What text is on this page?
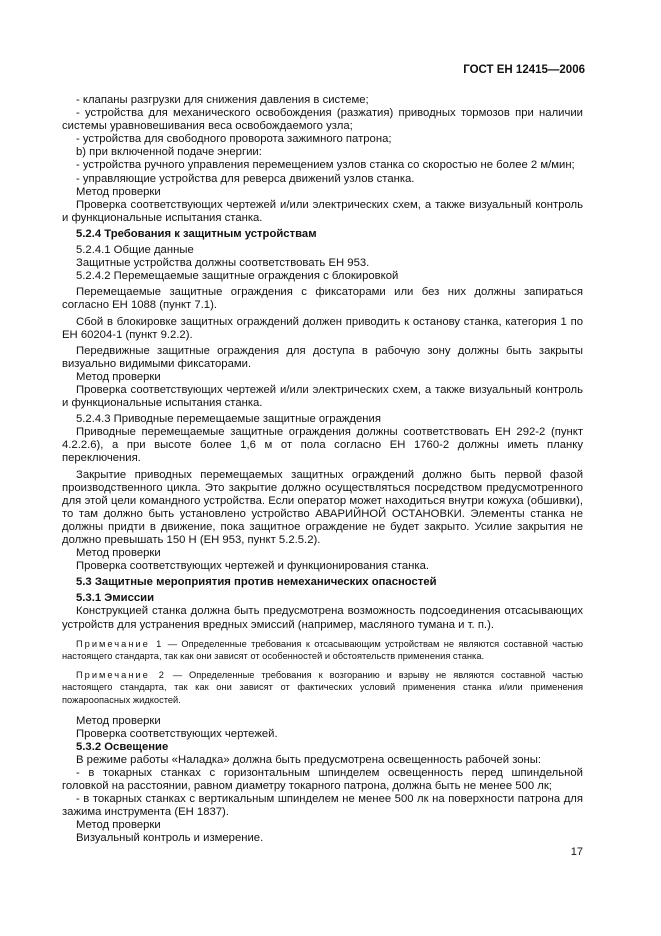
ГОСТ ЕН 12415—2006

- клапаны разгрузки для снижения давления в системе;

- устройства для механического освобождения (разжатия) приводных тормозов при наличии системы уравновешивания веса освобождаемого узла;

- устройства для свободного проворота зажимного патрона;

b) при включенной подаче энергии:

- устройства ручного управления перемещением узлов станка со скоростью не более 2 м/мин;

- управляющие устройства для реверса движений узлов станка.

Метод проверки

Проверка соответствующих чертежей и/или электрических схем, а также визуальный контроль и функциональные испытания станка.

5.2.4 Требования к защитным устройствам

5.2.4.1 Общие данные

Защитные устройства должны соответствовать ЕН 953.

5.2.4.2 Перемещаемые защитные ограждения с блокировкой

Перемещаемые защитные ограждения с фиксаторами или без них должны запираться согласно ЕН 1088 (пункт 7.1).

Сбой в блокировке защитных ограждений должен приводить к останову станка, категория 1 по ЕН 60204-1 (пункт 9.2.2).

Передвижные защитные ограждения для доступа в рабочую зону должны быть закрыты визуально видимыми фиксаторами.

Метод проверки

Проверка соответствующих чертежей и/или электрических схем, а также визуальный контроль и функциональные испытания станка.

5.2.4.3 Приводные перемещаемые защитные ограждения

Приводные перемещаемые защитные ограждения должны соответствовать ЕН 292-2 (пункт 4.2.2.6), а при высоте более 1,6 м от пола согласно ЕН 1760-2 должны иметь планку переключения.

Закрытие приводных перемещаемых защитных ограждений должно быть первой фазой производственного цикла. Это закрытие должно осуществляться посредством предусмотренного для этой цели командного устройства. Если оператор может находиться внутри кожуха (обшивки), то там должно быть установлено устройство АВАРИЙНОЙ ОСТАНОВКИ. Элементы станка не должны придти в движение, пока защитное ограждение не будет закрыто. Усилие закрытия не должно превышать 150 Н (ЕН 953, пункт 5.2.5.2).

Метод проверки

Проверка соответствующих чертежей и функционирования станка.

5.3 Защитные мероприятия против немеханических опасностей

5.3.1 Эмиссии

Конструкцией станка должна быть предусмотрена возможность подсоединения отсасывающих устройств для устранения вредных эмиссий (например, масляного тумана и т. п.).

Примечание 1 — Определенные требования к отсасывающим устройствам не являются составной частью настоящего стандарта, так как они зависят от особенностей и обстоятельств применения станка.

Примечание 2 — Определенные требования к возгоранию и взрыву не являются составной частью настоящего стандарта, так как они зависят от фактических условий применения станка и/или применения пожароопасных жидкостей.

Метод проверки

Проверка соответствующих чертежей.

5.3.2 Освещение

В режиме работы «Наладка» должна быть предусмотрена освещенность рабочей зоны:

- в токарных станках с горизонтальным шпинделем освещенность перед шпиндельной головкой на расстоянии, равном диаметру токарного патрона, должна быть не менее 500 лк;

- в токарных станках с вертикальным шпинделем не менее 500 лк на поверхности патрона для зажима инструмента (ЕН 1837).

Метод проверки

Визуальный контроль и измерение.

17
